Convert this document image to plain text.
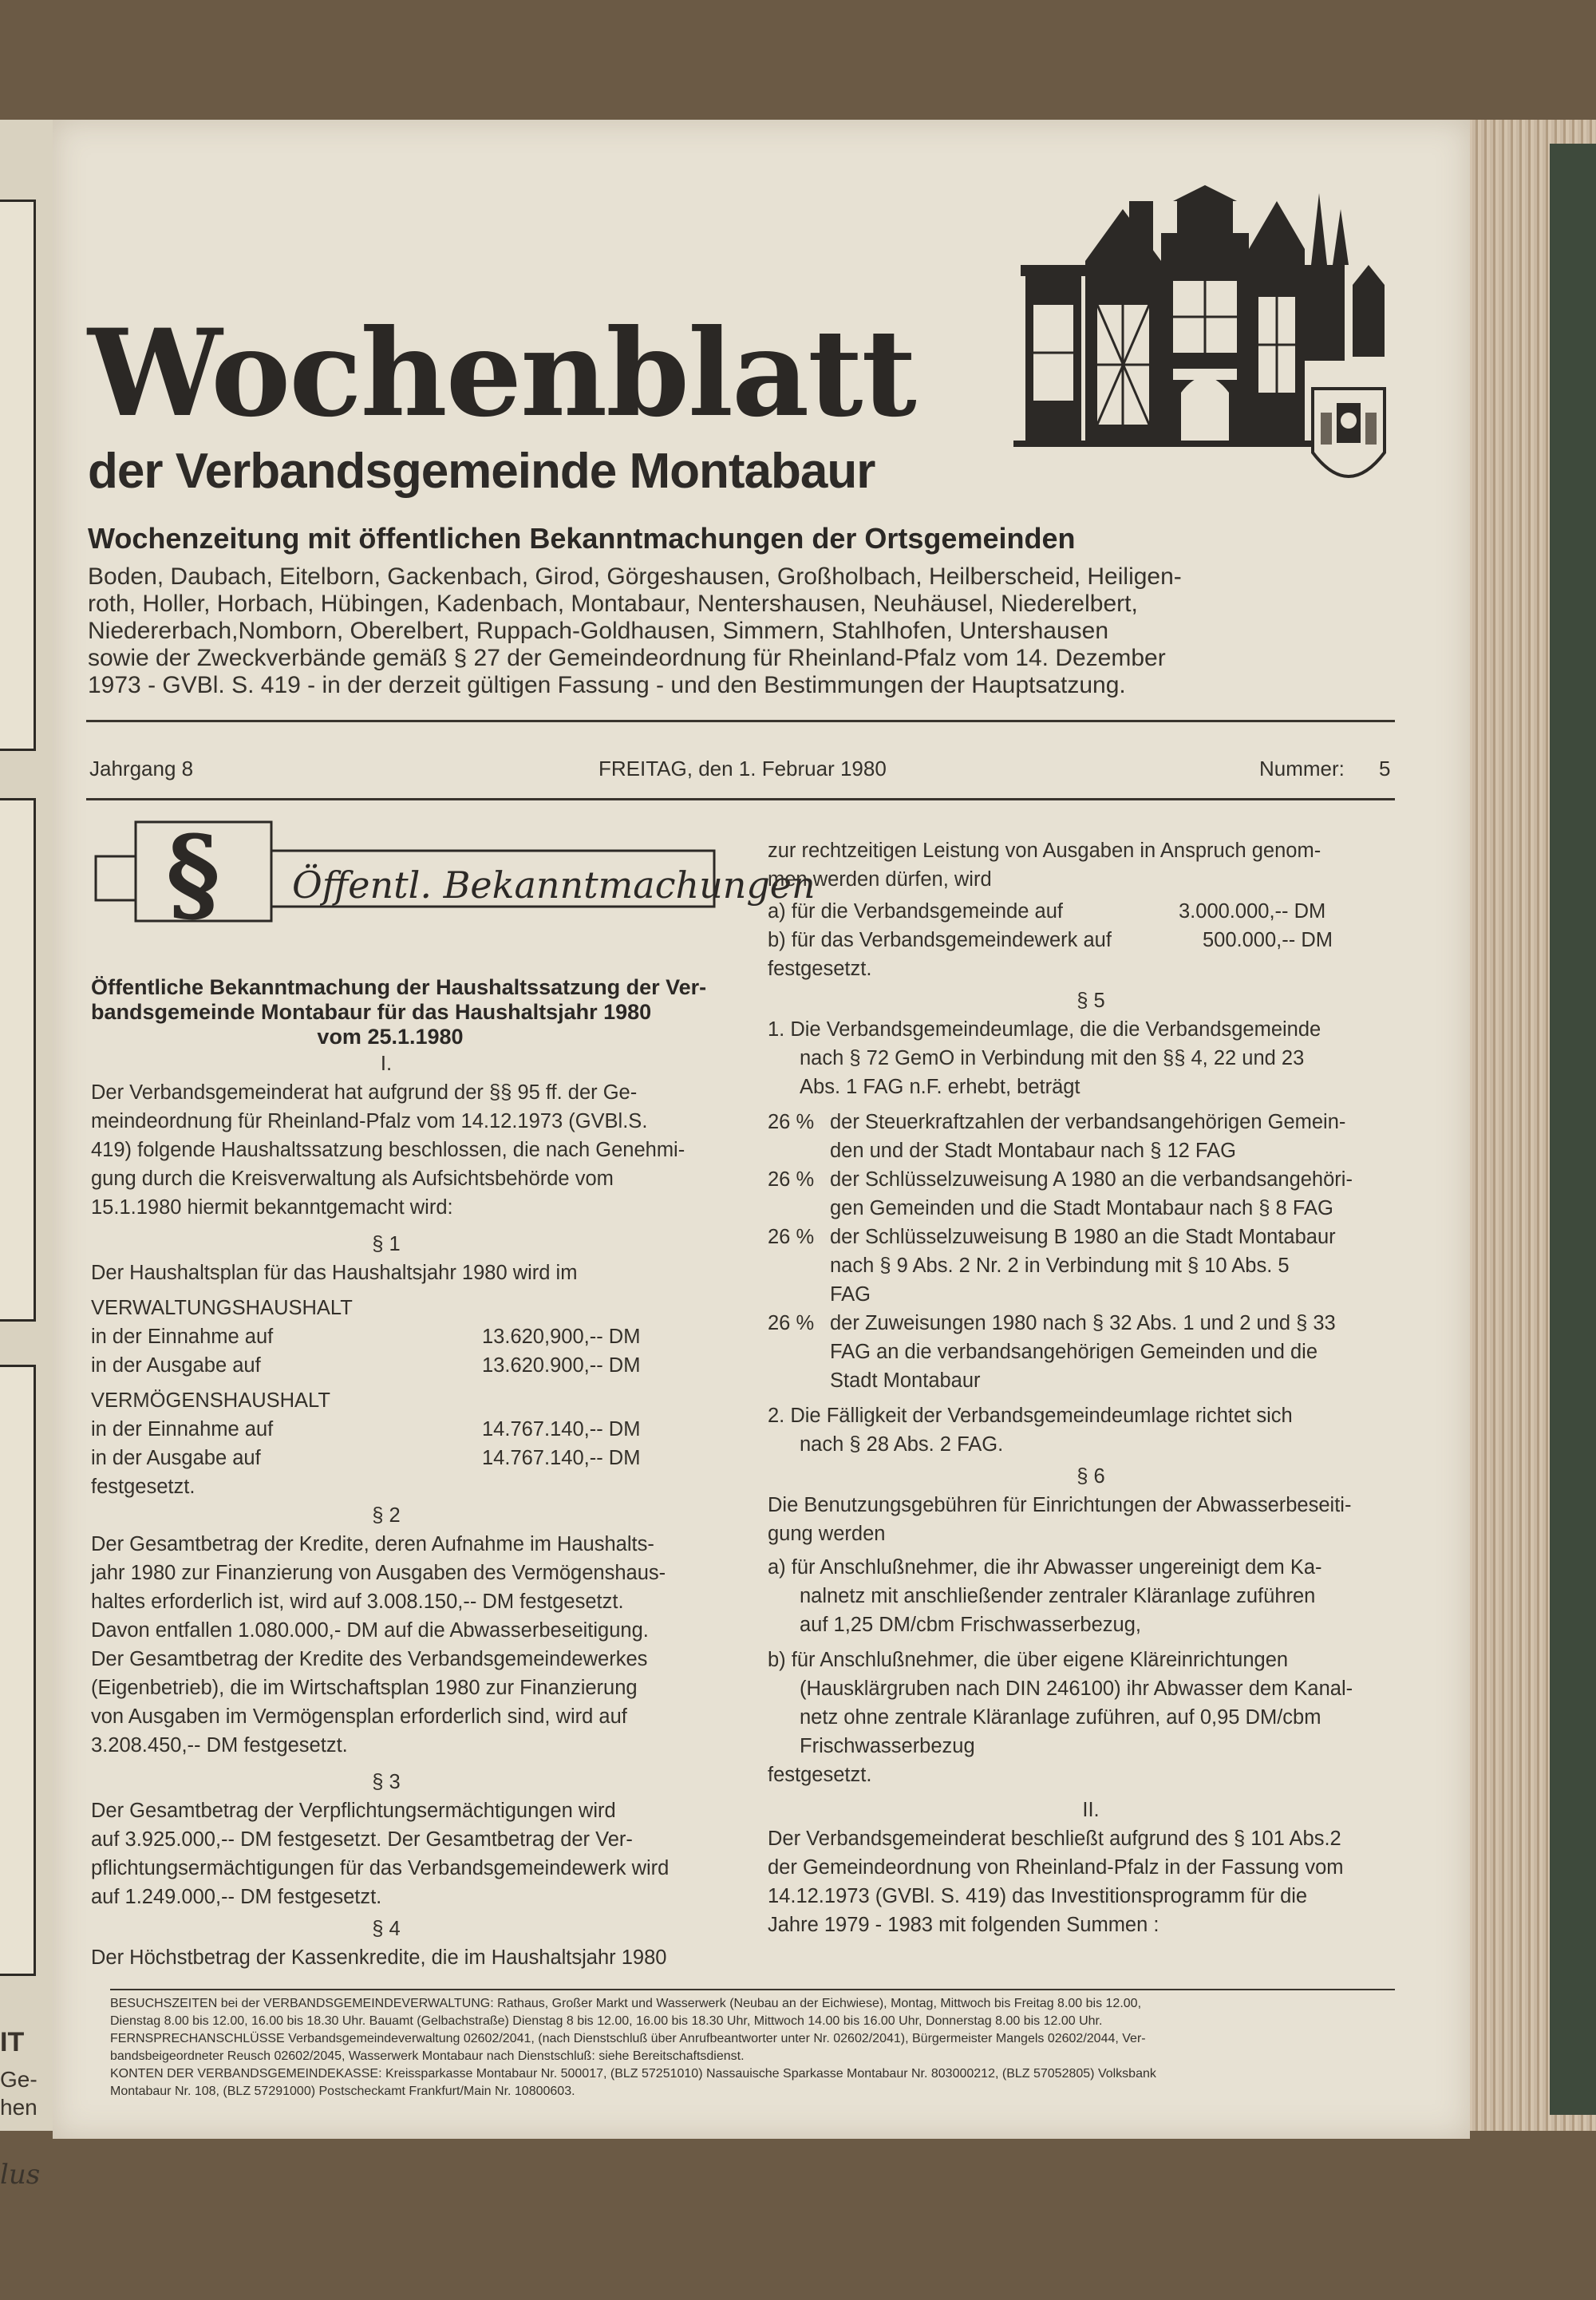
IT
Ge-
hen
lus
Wochenblatt
der Verbandsgemeinde Montabaur
Wochenzeitung mit öffentlichen Bekanntmachungen der Ortsgemeinden
Boden, Daubach, Eitelborn, Gackenbach, Girod, Görgeshausen, Großholbach, Heilberscheid, Heiligen-
roth, Holler, Horbach, Hübingen, Kadenbach, Montabaur, Nentershausen, Neuhäusel, Niederelbert,
Niedererbach,Nomborn, Oberelbert, Ruppach-Goldhausen, Simmern, Stahlhofen, Untershausen
sowie der Zweckverbände gemäß § 27 der Gemeindeordnung für Rheinland-Pfalz vom 14. Dezember
1973 - GVBl. S. 419 - in der derzeit gültigen Fassung - und den Bestimmungen der Hauptsatzung.
Jahrgang 8	FREITAG, den 1. Februar 1980	Nummer: 5
§ Öffentl. Bekanntmachungen
Öffentliche Bekanntmachung der Haushaltssatzung der Ver-
bandsgemeinde Montabaur für das Haushaltsjahr 1980
vom 25.1.1980
I.
Der Verbandsgemeinderat hat aufgrund der §§ 95 ff. der Ge-
meindeordnung für Rheinland-Pfalz vom 14.12.1973 (GVBl.S.
419) folgende Haushaltssatzung beschlossen, die nach Genehmi-
gung durch die Kreisverwaltung als Aufsichtsbehörde vom
15.1.1980 hiermit bekanntgemacht wird:
§ 1
Der Haushaltsplan für das Haushaltsjahr 1980 wird im
VERWALTUNGSHAUSHALT
in der Einnahme auf	13.620,900,-- DM
in der Ausgabe auf	13.620.900,-- DM
VERMÖGENSHAUSHALT
in der Einnahme auf	14.767.140,-- DM
in der Ausgabe auf	14.767.140,-- DM
festgesetzt.
§ 2
Der Gesamtbetrag der Kredite, deren Aufnahme im Haushalts-
jahr 1980 zur Finanzierung von Ausgaben des Vermögenshaus-
haltes erforderlich ist, wird auf 3.008.150,-- DM festgesetzt.
Davon entfallen 1.080.000,- DM auf die Abwasserbeseitigung.
Der Gesamtbetrag der Kredite des Verbandsgemeindewerkes
(Eigenbetrieb), die im Wirtschaftsplan 1980 zur Finanzierung
von Ausgaben im Vermögensplan erforderlich sind, wird auf
3.208.450,-- DM festgesetzt.
§ 3
Der Gesamtbetrag der Verpflichtungsermächtigungen wird
auf 3.925.000,-- DM festgesetzt. Der Gesamtbetrag der Ver-
pflichtungsermächtigungen für das Verbandsgemeindewerk wird
auf 1.249.000,-- DM festgesetzt.
§ 4
Der Höchstbetrag der Kassenkredite, die im Haushaltsjahr 1980
zur rechtzeitigen Leistung von Ausgaben in Anspruch genom-
men werden dürfen, wird
a) für die Verbandsgemeinde auf	3.000.000,-- DM
b) für das Verbandsgemeindewerk auf	500.000,-- DM
festgesetzt.
§ 5
1. Die Verbandsgemeindeumlage, die die Verbandsgemeinde
nach § 72 GemO in Verbindung mit den §§ 4, 22 und 23
Abs. 1 FAG n.F. erhebt, beträgt
26 % der Steuerkraftzahlen der verbandsangehörigen Gemein-
den und der Stadt Montabaur nach § 12 FAG
26 % der Schlüsselzuweisung A 1980 an die verbandsangehöri-
gen Gemeinden und die Stadt Montabaur nach § 8 FAG
26 % der Schlüsselzuweisung B 1980 an die Stadt Montabaur
nach § 9 Abs. 2 Nr. 2 in Verbindung mit § 10 Abs. 5
FAG
26 % der Zuweisungen 1980 nach § 32 Abs. 1 und 2 und § 33
FAG an die verbandsangehörigen Gemeinden und die
Stadt Montabaur
2. Die Fälligkeit der Verbandsgemeindeumlage richtet sich
nach § 28 Abs. 2 FAG.
§ 6
Die Benutzungsgebühren für Einrichtungen der Abwasserbeseiti-
gung werden
a) für Anschlußnehmer, die ihr Abwasser ungereinigt dem Ka-
nalnetz mit anschließender zentraler Kläranlage zuführen
auf 1,25 DM/cbm Frischwasserbezug,
b) für Anschlußnehmer, die über eigene Kläreinrichtungen
(Hausklärgruben nach DIN 246100) ihr Abwasser dem Kanal-
netz ohne zentrale Kläranlage zuführen, auf 0,95 DM/cbm
Frischwasserbezug
festgesetzt.
II.
Der Verbandsgemeinderat beschließt aufgrund des § 101 Abs.2
der Gemeindeordnung von Rheinland-Pfalz in der Fassung vom
14.12.1973 (GVBl. S. 419) das Investitionsprogramm für die
Jahre 1979 - 1983 mit folgenden Summen :
BESUCHSZEITEN bei der VERBANDSGEMEINDEVERWALTUNG: Rathaus, Großer Markt und Wasserwerk (Neubau an der Eichwiese), Montag, Mittwoch bis Freitag 8.00 bis 12.00,
Dienstag 8.00 bis 12.00, 16.00 bis 18.30 Uhr. Bauamt (Gelbachstraße) Dienstag 8 bis 12.00, 16.00 bis 18.30 Uhr, Mittwoch 14.00 bis 16.00 Uhr, Donnerstag 8.00 bis 12.00 Uhr.
FERNSPRECHANSCHLÜSSE Verbandsgemeindeverwaltung 02602/2041, (nach Dienstschluß über Anrufbeantworter unter Nr. 02602/2041), Bürgermeister Mangels 02602/2044, Ver-
bandsbeigeordneter Reusch 02602/2045, Wasserwerk Montabaur nach Dienstschluß: siehe Bereitschaftsdienst.
KONTEN DER VERBANDSGEMEINDEKASSE: Kreissparkasse Montabaur Nr. 500017, (BLZ 57251010) Nassauische Sparkasse Montabaur Nr. 803000212, (BLZ 57052805) Volksbank
Montabaur Nr. 108, (BLZ 57291000) Postscheckamt Frankfurt/Main Nr. 10800603.
